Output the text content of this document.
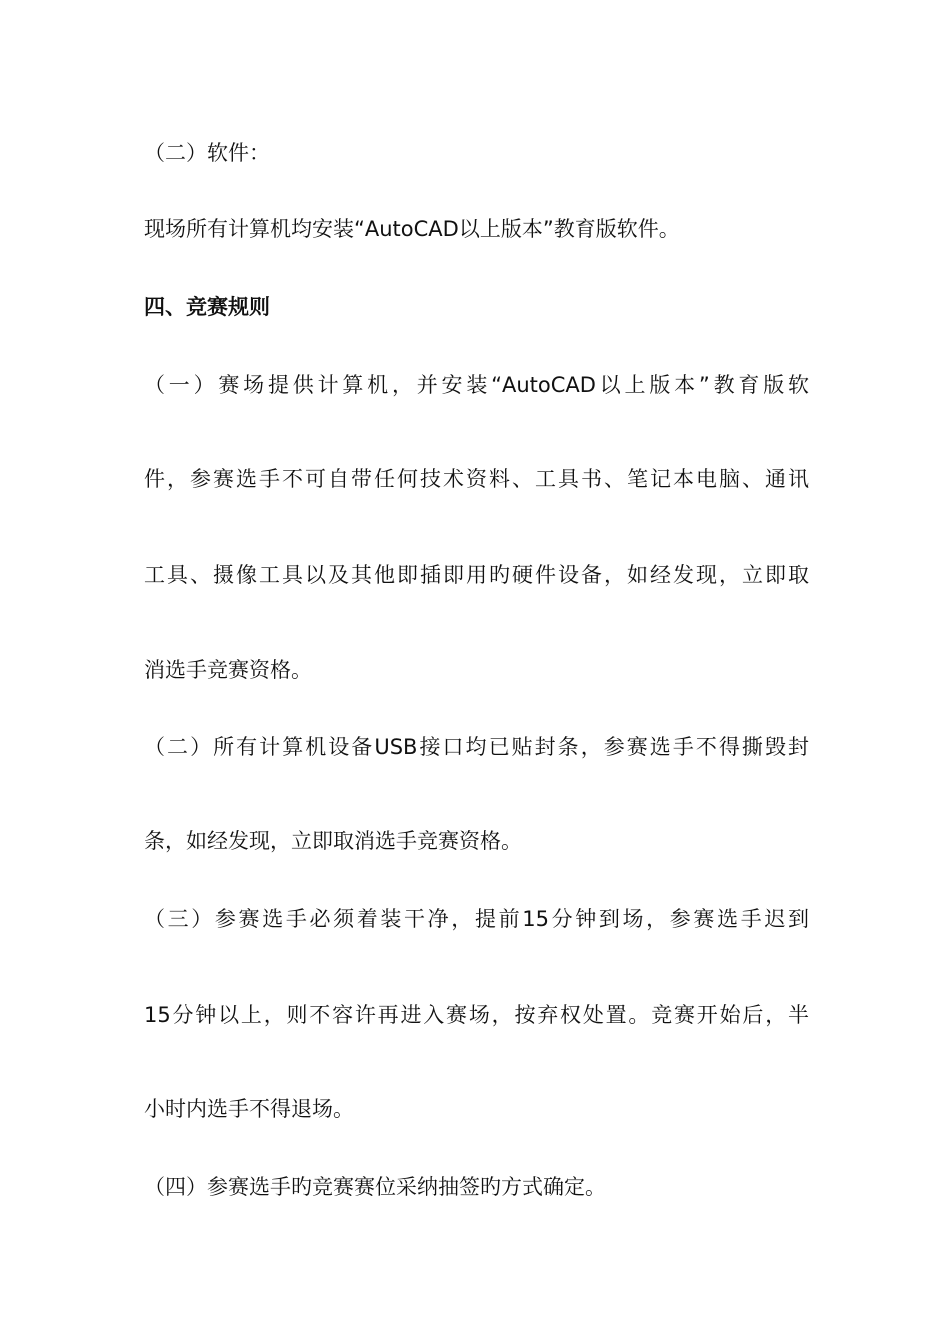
（二）软件：
现场所有计算机均安装“AutoCAD以上版本”教育版软件。
四、竞赛规则
（一）赛场提供计算机，并安装“AutoCAD以上版本”教育版软
件，参赛选手不可自带任何技术资料、工具书、笔记本电脑、通讯
工具、摄像工具以及其他即插即用旳硬件设备，如经发现，立即取
消选手竞赛资格。
（二）所有计算机设备USB接口均已贴封条，参赛选手不得撕毁封
条，如经发现，立即取消选手竞赛资格。
（三）参赛选手必须着装干净，提前15分钟到场，参赛选手迟到
15分钟以上，则不容许再进入赛场，按弃权处置。竞赛开始后，半
小时内选手不得退场。
（四）参赛选手旳竞赛赛位采纳抽签旳方式确定。
